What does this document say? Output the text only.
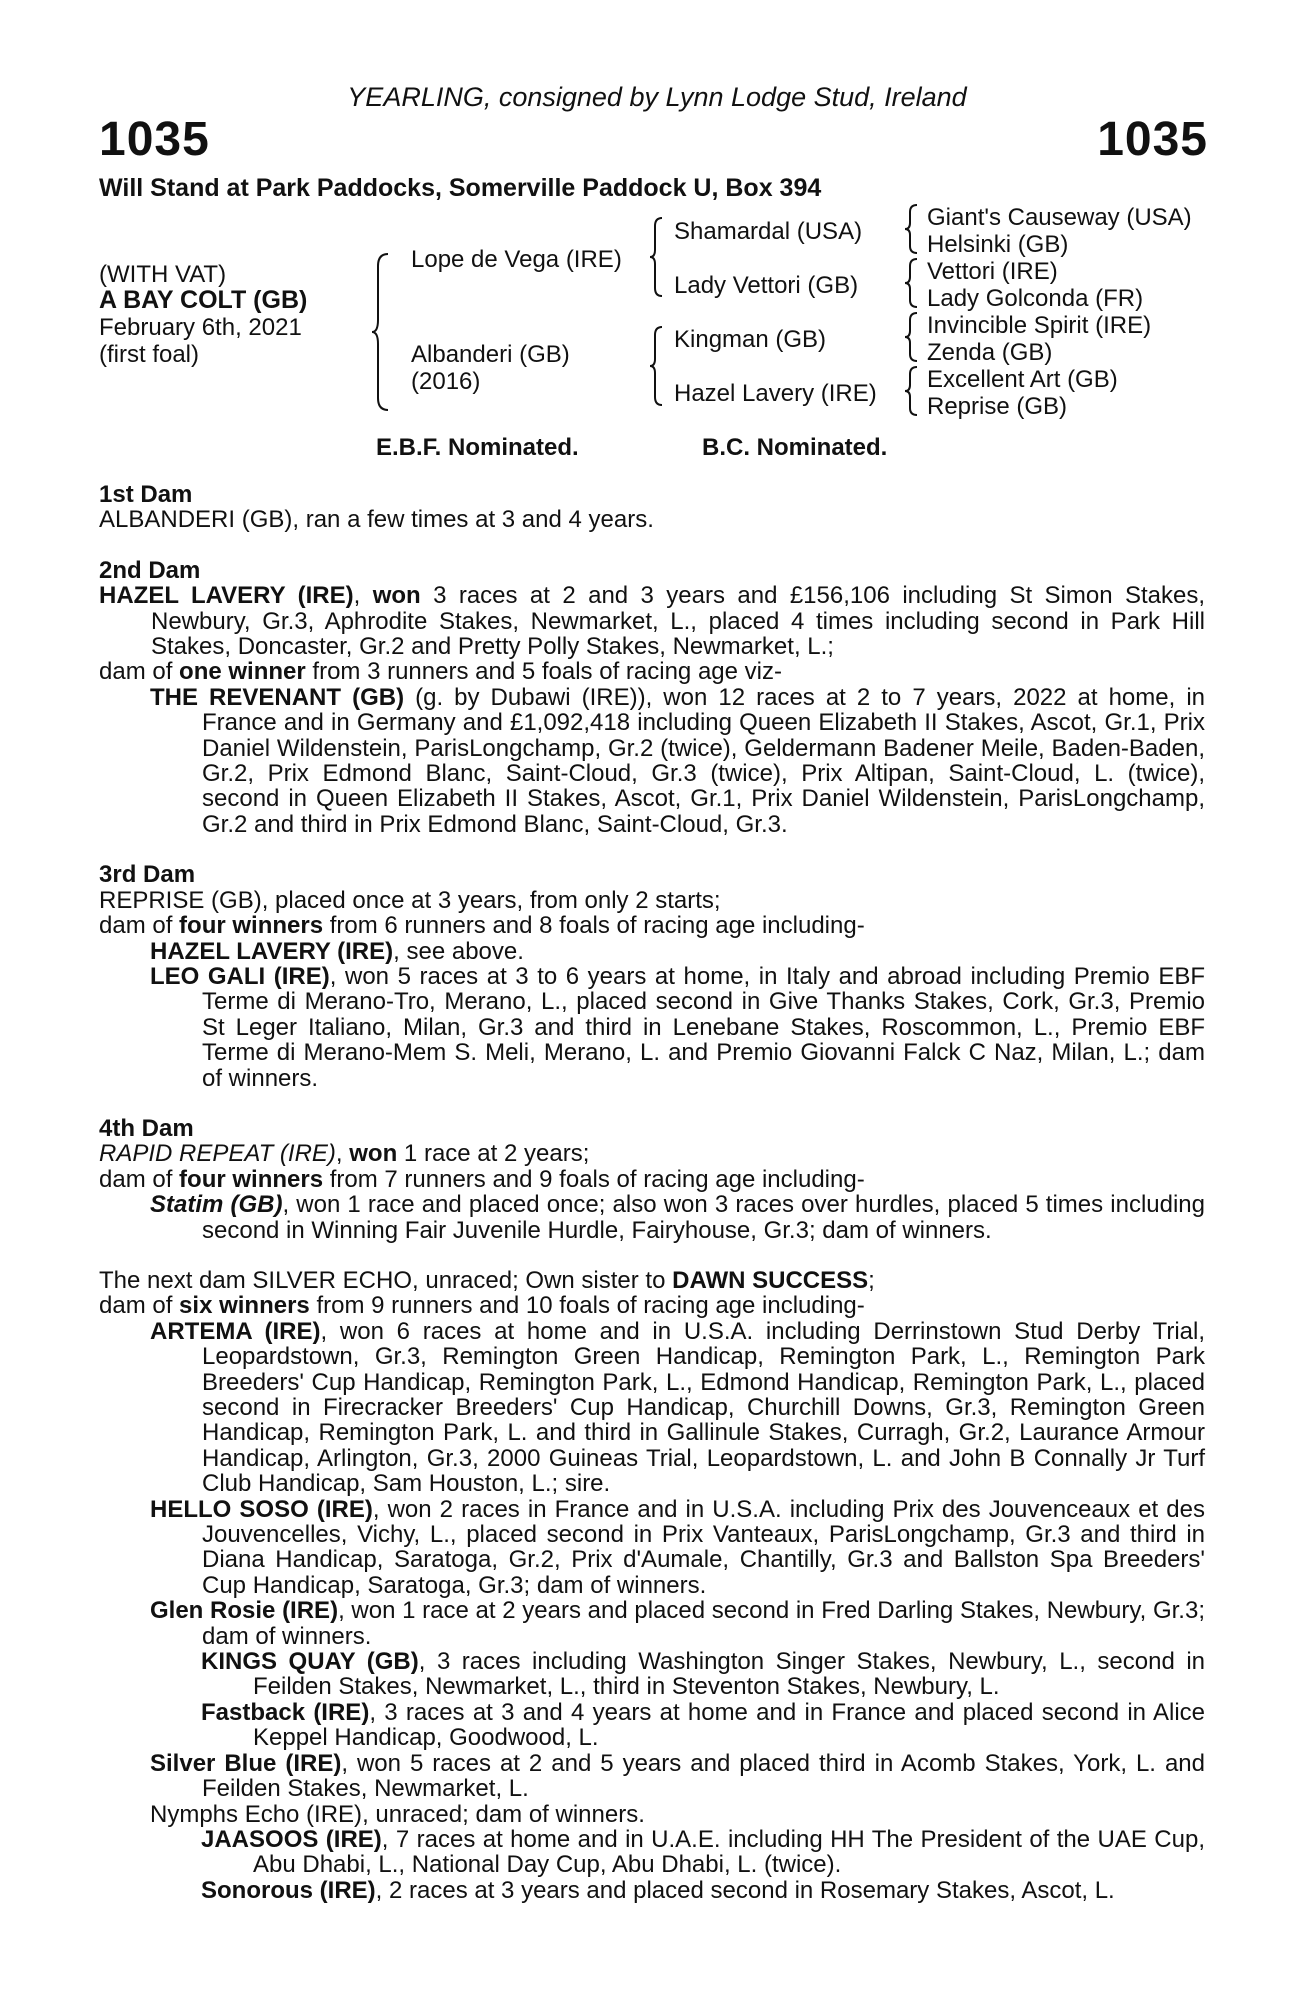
YEARLING, consigned by Lynn Lodge Stud, Ireland
1035	1035
Will Stand at Park Paddocks, Somerville Paddock U, Box 394
(WITH VAT)
A BAY COLT (GB)
February 6th, 2021
(first foal)
Lope de Vega (IRE)
Albanderi (GB)
(2016)
Shamardal (USA)
Lady Vettori (GB)
Kingman (GB)
Hazel Lavery (IRE)
Giant's Causeway (USA)
Helsinki (GB)
Vettori (IRE)
Lady Golconda (FR)
Invincible Spirit (IRE)
Zenda (GB)
Excellent Art (GB)
Reprise (GB)
E.B.F. Nominated.	B.C. Nominated.
1st Dam
ALBANDERI (GB), ran a few times at 3 and 4 years.
2nd Dam
HAZEL LAVERY (IRE), won 3 races at 2 and 3 years and £156,106 including St Simon Stakes, Newbury, Gr.3, Aphrodite Stakes, Newmarket, L., placed 4 times including second in Park Hill Stakes, Doncaster, Gr.2 and Pretty Polly Stakes, Newmarket, L.;
dam of one winner from 3 runners and 5 foals of racing age viz-
THE REVENANT (GB) (g. by Dubawi (IRE)), won 12 races at 2 to 7 years, 2022 at home, in France and in Germany and £1,092,418 including Queen Elizabeth II Stakes, Ascot, Gr.1, Prix Daniel Wildenstein, ParisLongchamp, Gr.2 (twice), Geldermann Badener Meile, Baden-Baden, Gr.2, Prix Edmond Blanc, Saint-Cloud, Gr.3 (twice), Prix Altipan, Saint-Cloud, L. (twice), second in Queen Elizabeth II Stakes, Ascot, Gr.1, Prix Daniel Wildenstein, ParisLongchamp, Gr.2 and third in Prix Edmond Blanc, Saint-Cloud, Gr.3.
3rd Dam
REPRISE (GB), placed once at 3 years, from only 2 starts;
dam of four winners from 6 runners and 8 foals of racing age including-
HAZEL LAVERY (IRE), see above.
LEO GALI (IRE), won 5 races at 3 to 6 years at home, in Italy and abroad including Premio EBF Terme di Merano-Tro, Merano, L., placed second in Give Thanks Stakes, Cork, Gr.3, Premio St Leger Italiano, Milan, Gr.3 and third in Lenebane Stakes, Roscommon, L., Premio EBF Terme di Merano-Mem S. Meli, Merano, L. and Premio Giovanni Falck C Naz, Milan, L.; dam of winners.
4th Dam
RAPID REPEAT (IRE), won 1 race at 2 years;
dam of four winners from 7 runners and 9 foals of racing age including-
Statim (GB), won 1 race and placed once; also won 3 races over hurdles, placed 5 times including second in Winning Fair Juvenile Hurdle, Fairyhouse, Gr.3; dam of winners.
The next dam SILVER ECHO, unraced; Own sister to DAWN SUCCESS;
dam of six winners from 9 runners and 10 foals of racing age including-
ARTEMA (IRE), won 6 races at home and in U.S.A. including Derrinstown Stud Derby Trial, Leopardstown, Gr.3, Remington Green Handicap, Remington Park, L., Remington Park Breeders' Cup Handicap, Remington Park, L., Edmond Handicap, Remington Park, L., placed second in Firecracker Breeders' Cup Handicap, Churchill Downs, Gr.3, Remington Green Handicap, Remington Park, L. and third in Gallinule Stakes, Curragh, Gr.2, Laurance Armour Handicap, Arlington, Gr.3, 2000 Guineas Trial, Leopardstown, L. and John B Connally Jr Turf Club Handicap, Sam Houston, L.; sire.
HELLO SOSO (IRE), won 2 races in France and in U.S.A. including Prix des Jouvenceaux et des Jouvencelles, Vichy, L., placed second in Prix Vanteaux, ParisLongchamp, Gr.3 and third in Diana Handicap, Saratoga, Gr.2, Prix d'Aumale, Chantilly, Gr.3 and Ballston Spa Breeders' Cup Handicap, Saratoga, Gr.3; dam of winners.
Glen Rosie (IRE), won 1 race at 2 years and placed second in Fred Darling Stakes, Newbury, Gr.3; dam of winners.
KINGS QUAY (GB), 3 races including Washington Singer Stakes, Newbury, L., second in Feilden Stakes, Newmarket, L., third in Steventon Stakes, Newbury, L.
Fastback (IRE), 3 races at 3 and 4 years at home and in France and placed second in Alice Keppel Handicap, Goodwood, L.
Silver Blue (IRE), won 5 races at 2 and 5 years and placed third in Acomb Stakes, York, L. and Feilden Stakes, Newmarket, L.
Nymphs Echo (IRE), unraced; dam of winners.
JAASOOS (IRE), 7 races at home and in U.A.E. including HH The President of the UAE Cup, Abu Dhabi, L., National Day Cup, Abu Dhabi, L. (twice).
Sonorous (IRE), 2 races at 3 years and placed second in Rosemary Stakes, Ascot, L.
